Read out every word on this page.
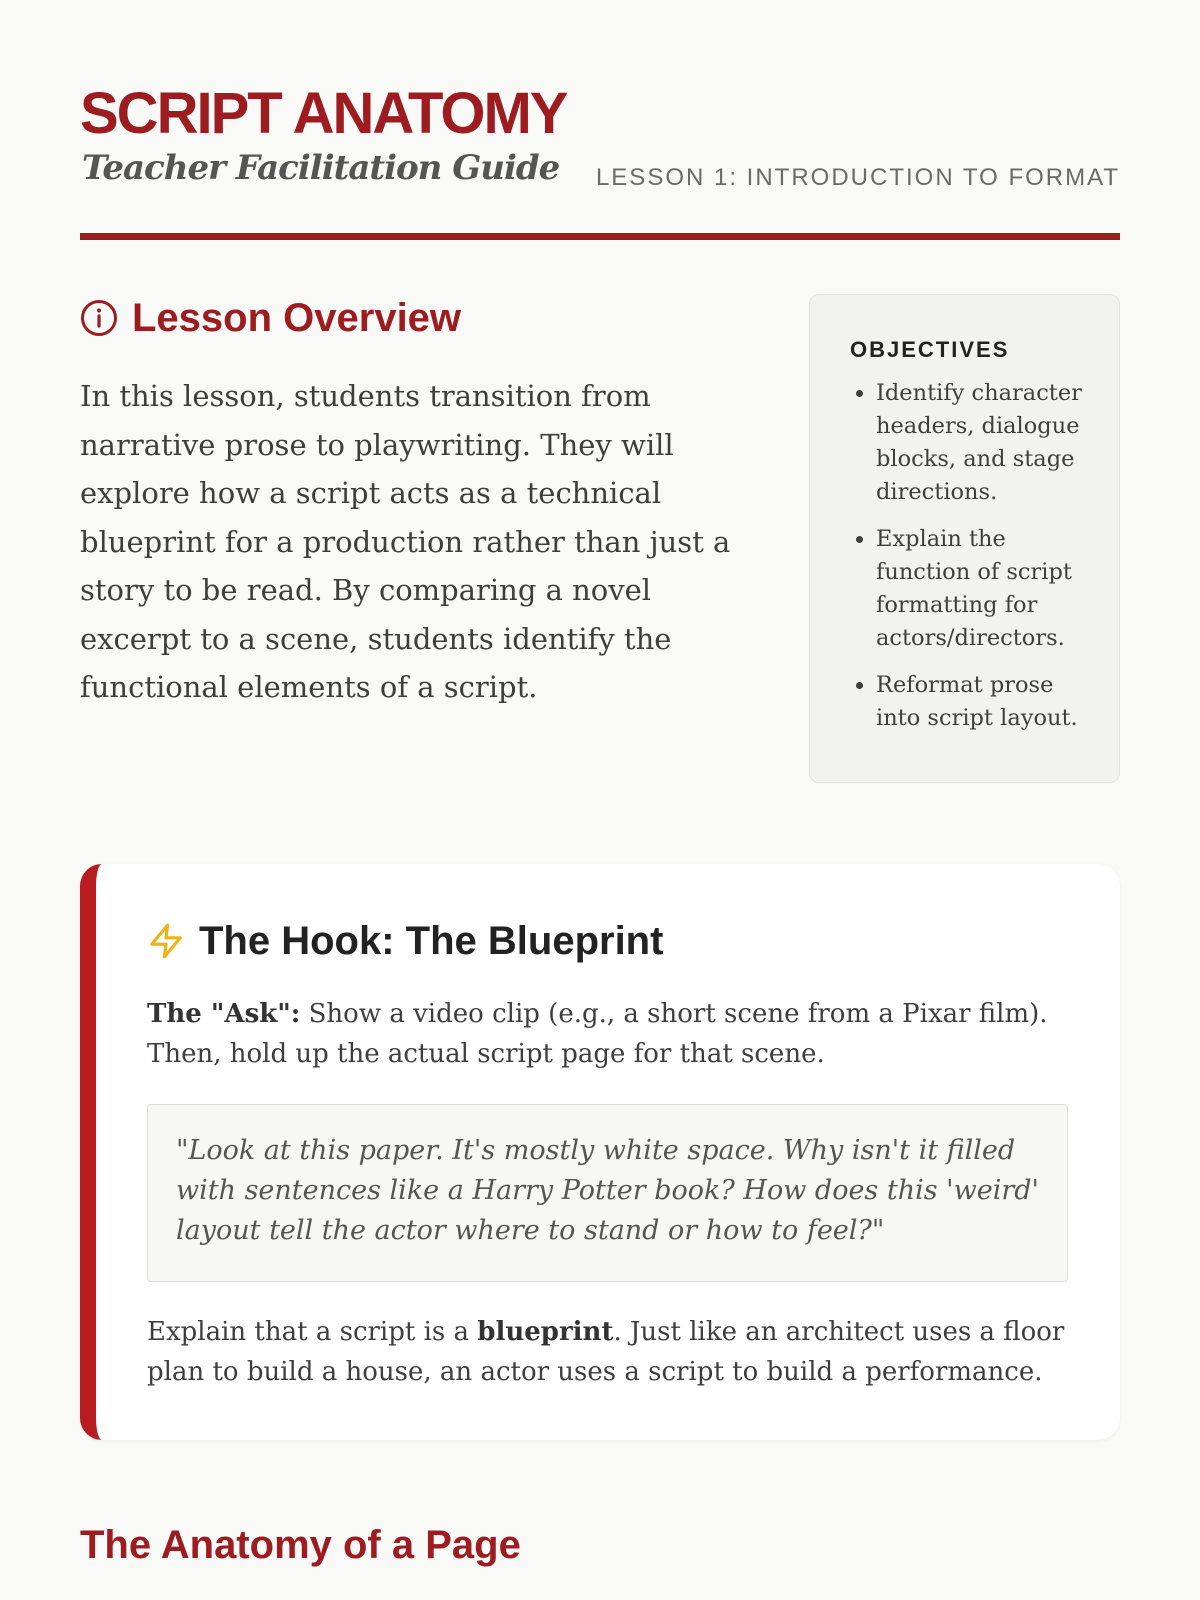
SCRIPT ANATOMY
Teacher Facilitation Guide LESSON 1: INTRODUCTION TO FORMAT
Lesson Overview

In this lesson, students transition from narrative prose to playwriting. They will explore how a script acts as a technical blueprint for a production rather than just a story to be read. By comparing a novel excerpt to a scene, students identify the functional elements of a script.

OBJECTIVES
• Identify character headers, dialogue blocks, and stage directions.
• Explain the function of script formatting for actors/directors.
• Reformat prose into script layout.
The Hook: The Blueprint

The "Ask": Show a video clip (e.g., a short scene from a Pixar film). Then, hold up the actual script page for that scene.

"Look at this paper. It's mostly white space. Why isn't it filled with sentences like a Harry Potter book? How does this 'weird' layout tell the actor where to stand or how to feel?"

Explain that a script is a blueprint. Just like an architect uses a floor plan to build a house, an actor uses a script to build a performance.

The Anatomy of a Page
